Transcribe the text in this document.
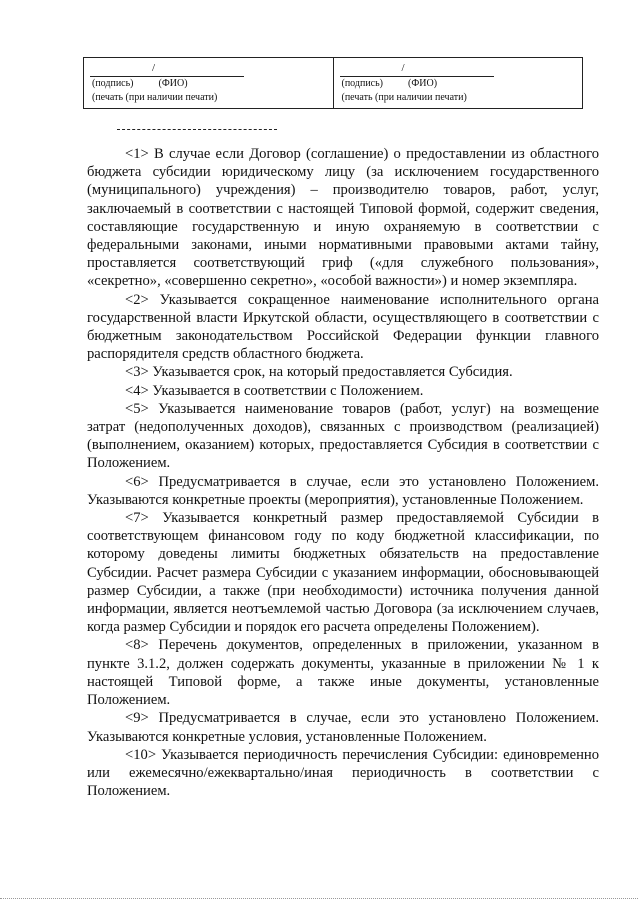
/
(подпись)          (ФИО)
(печать (при наличии печати)
/
(подпись)          (ФИО)
(печать (при наличии печати)

<1> В случае если Договор (соглашение) о предоставлении из областного бюджета субсидии юридическому лицу (за исключением государственного (муниципального) учреждения) – производителю товаров, работ, услуг, заключаемый в соответствии с настоящей Типовой формой, содержит сведения, составляющие государственную и иную охраняемую в соответствии с федеральными законами, иными нормативными правовыми актами тайну, проставляется соответствующий гриф («для служебного пользования», «секретно», «совершенно секретно», «особой важности») и номер экземпляра.

<2> Указывается сокращенное наименование исполнительного органа государственной власти Иркутской области, осуществляющего в соответствии с бюджетным законодательством Российской Федерации функции главного распорядителя средств областного бюджета.

<3> Указывается срок, на который предоставляется Субсидия.

<4> Указывается в соответствии с Положением.

<5> Указывается наименование товаров (работ, услуг) на возмещение затрат (недополученных доходов), связанных с производством (реализацией) (выполнением, оказанием) которых, предоставляется Субсидия в соответствии с Положением.

<6> Предусматривается в случае, если это установлено Положением. Указываются конкретные проекты (мероприятия), установленные Положением.

<7> Указывается конкретный размер предоставляемой Субсидии в соответствующем финансовом году по коду бюджетной классификации, по которому доведены лимиты бюджетных обязательств на предоставление Субсидии. Расчет размера Субсидии с указанием информации, обосновывающей размер Субсидии, а также (при необходимости) источника получения данной информации, является неотъемлемой частью Договора (за исключением случаев, когда размер Субсидии и порядок его расчета определены Положением).

<8> Перечень документов, определенных в приложении, указанном в пункте 3.1.2, должен содержать документы, указанные в приложении № 1 к настоящей Типовой форме, а также иные документы, установленные Положением.

<9> Предусматривается в случае, если это установлено Положением. Указываются конкретные условия, установленные Положением.

<10> Указывается периодичность перечисления Субсидии: единовременно или ежемесячно/ежеквартально/иная периодичность в соответствии с Положением.
